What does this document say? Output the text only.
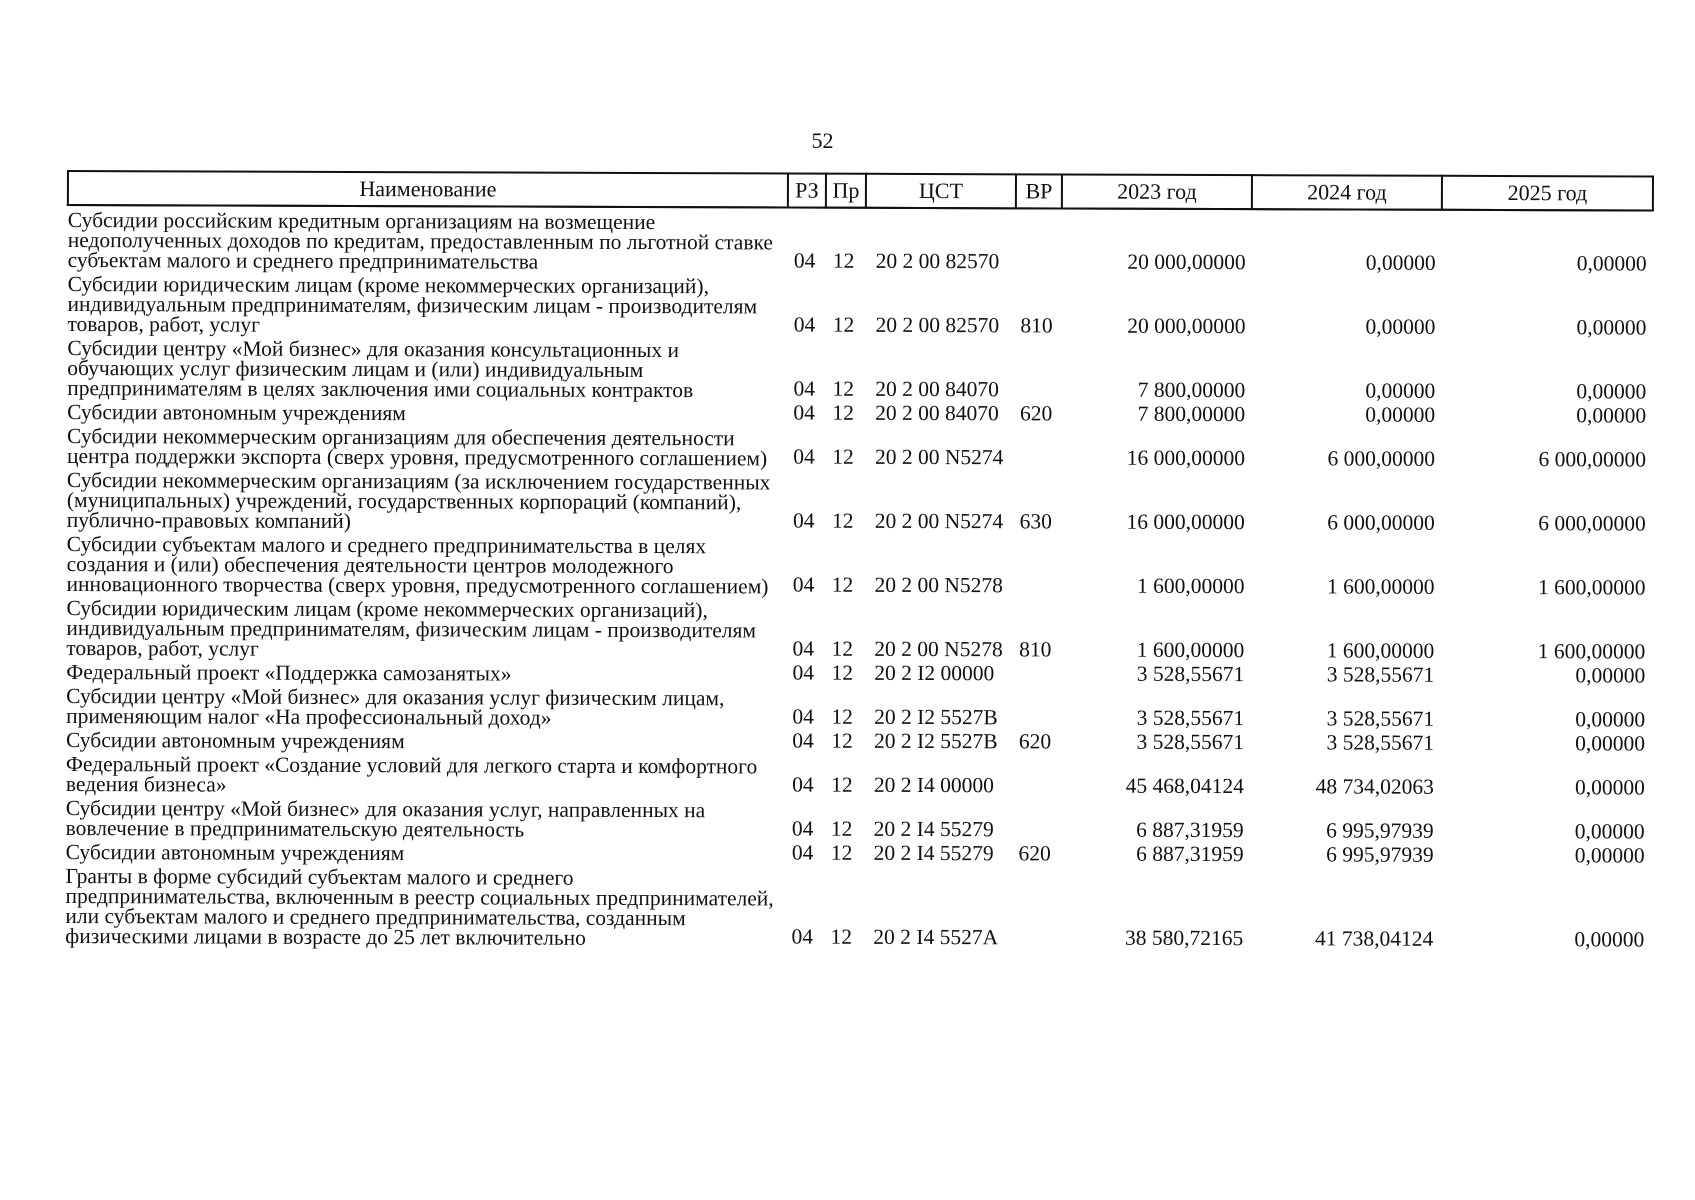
52
Наименование	РЗ	Пр	ЦСТ	ВР	2023 год	2024 год	2025 год
Субсидии российским кредитным организациям на возмещение недополученных доходов по кредитам, предоставленным по льготной ставке субъектам малого и среднего предпринимательства	04	12	20 2 00 82570		20 000,00000	0,00000	0,00000
Субсидии юридическим лицам (кроме некоммерческих организаций), индивидуальным предпринимателям, физическим лицам - производителям товаров, работ, услуг	04	12	20 2 00 82570	810	20 000,00000	0,00000	0,00000
Субсидии центру «Мой бизнес» для оказания консультационных и обучающих услуг физическим лицам и (или) индивидуальным предпринимателям в целях заключения ими социальных контрактов	04	12	20 2 00 84070		7 800,00000	0,00000	0,00000
Субсидии автономным учреждениям	04	12	20 2 00 84070	620	7 800,00000	0,00000	0,00000
Субсидии некоммерческим организациям для обеспечения деятельности центра поддержки экспорта (сверх уровня, предусмотренного соглашением)	04	12	20 2 00 N5274		16 000,00000	6 000,00000	6 000,00000
Субсидии некоммерческим организациям (за исключением государственных (муниципальных) учреждений, государственных корпораций (компаний), публично-правовых компаний)	04	12	20 2 00 N5274	630	16 000,00000	6 000,00000	6 000,00000
Субсидии субъектам малого и среднего предпринимательства в целях создания и (или) обеспечения деятельности центров молодежного инновационного творчества (сверх уровня, предусмотренного соглашением)	04	12	20 2 00 N5278		1 600,00000	1 600,00000	1 600,00000
Субсидии юридическим лицам (кроме некоммерческих организаций), индивидуальным предпринимателям, физическим лицам - производителям товаров, работ, услуг	04	12	20 2 00 N5278	810	1 600,00000	1 600,00000	1 600,00000
Федеральный проект «Поддержка самозанятых»	04	12	20 2 I2 00000		3 528,55671	3 528,55671	0,00000
Субсидии центру «Мой бизнес» для оказания услуг физическим лицам, применяющим налог «На профессиональный доход»	04	12	20 2 I2 5527B		3 528,55671	3 528,55671	0,00000
Субсидии автономным учреждениям	04	12	20 2 I2 5527B	620	3 528,55671	3 528,55671	0,00000
Федеральный проект «Создание условий для легкого старта и комфортного ведения бизнеса»	04	12	20 2 I4 00000		45 468,04124	48 734,02063	0,00000
Субсидии центру «Мой бизнес» для оказания услуг, направленных на вовлечение в предпринимательскую деятельность	04	12	20 2 I4 55279		6 887,31959	6 995,97939	0,00000
Субсидии автономным учреждениям	04	12	20 2 I4 55279	620	6 887,31959	6 995,97939	0,00000
Гранты в форме субсидий субъектам малого и среднего предпринимательства, включенным в реестр социальных предпринимателей, или субъектам малого и среднего предпринимательства, созданным физическими лицами в возрасте до 25 лет включительно	04	12	20 2 I4 5527A		38 580,72165	41 738,04124	0,00000
